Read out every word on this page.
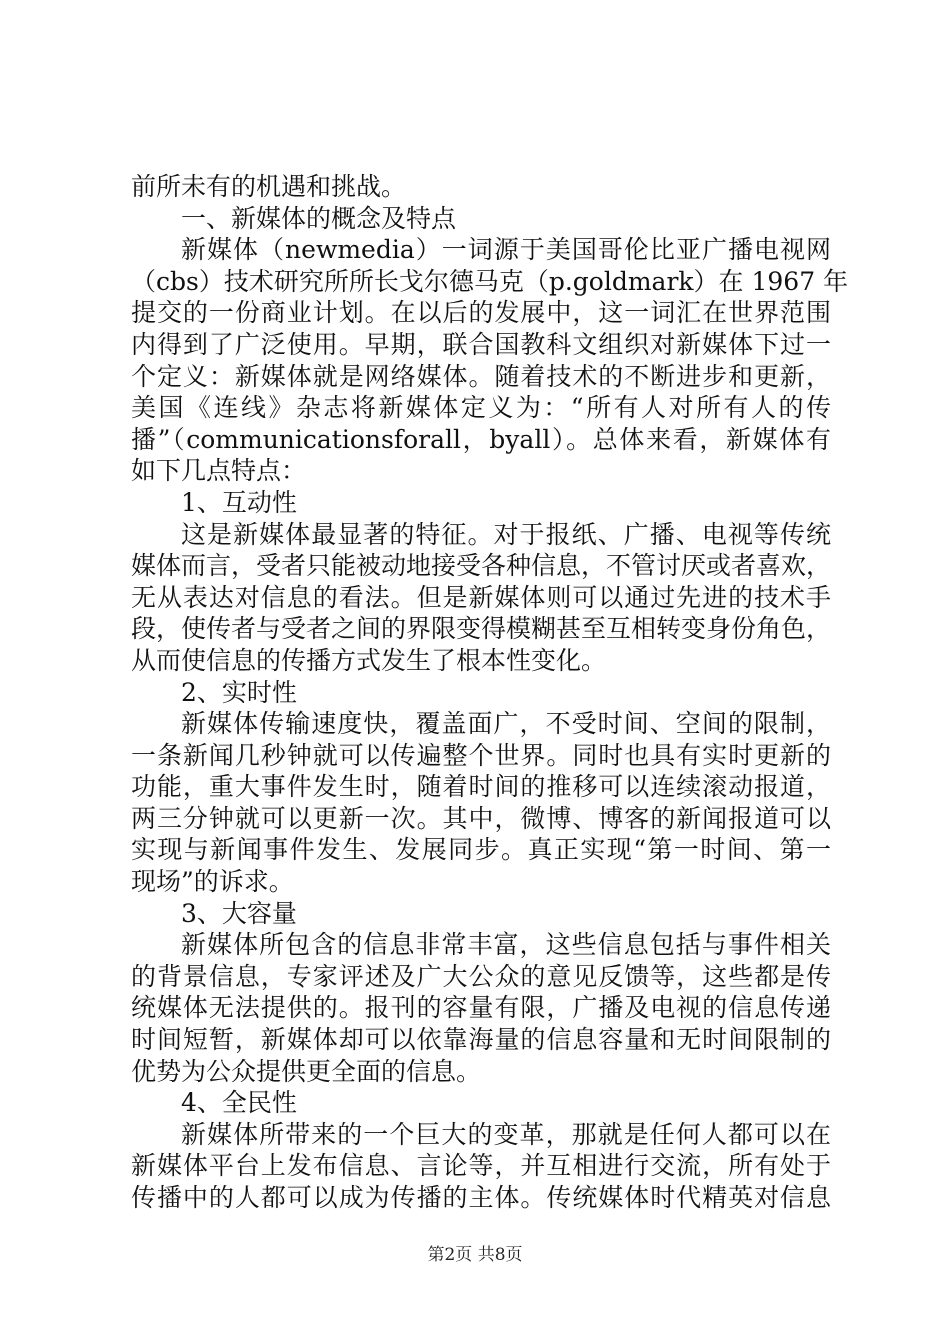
前所未有的机遇和挑战。
一、新媒体的概念及特点
新媒体（newmedia）一词源于美国哥伦比亚广播电视网
（cbs）技术研究所所长戈尔德马克（p.goldmark）在 1967 年
提交的一份商业计划。在以后的发展中，这一词汇在世界范围
内得到了广泛使用。早期，联合国教科文组织对新媒体下过一
个定义：新媒体就是网络媒体。随着技术的不断进步和更新，
美国《连线》杂志将新媒体定义为：“所有人对所有人的传
播”（communicationsforall，byall）。总体来看，新媒体有
如下几点特点：
1、互动性
这是新媒体最显著的特征。对于报纸、广播、电视等传统
媒体而言，受者只能被动地接受各种信息，不管讨厌或者喜欢，
无从表达对信息的看法。但是新媒体则可以通过先进的技术手
段，使传者与受者之间的界限变得模糊甚至互相转变身份角色，
从而使信息的传播方式发生了根本性变化。
2、实时性
新媒体传输速度快，覆盖面广，不受时间、空间的限制，
一条新闻几秒钟就可以传遍整个世界。同时也具有实时更新的
功能，重大事件发生时，随着时间的推移可以连续滚动报道，
两三分钟就可以更新一次。其中，微博、博客的新闻报道可以
实现与新闻事件发生、发展同步。真正实现“第一时间、第一
现场”的诉求。
3、大容量
新媒体所包含的信息非常丰富，这些信息包括与事件相关
的背景信息，专家评述及广大公众的意见反馈等，这些都是传
统媒体无法提供的。报刊的容量有限，广播及电视的信息传递
时间短暂，新媒体却可以依靠海量的信息容量和无时间限制的
优势为公众提供更全面的信息。
4、全民性
新媒体所带来的一个巨大的变革，那就是任何人都可以在
新媒体平台上发布信息、言论等，并互相进行交流，所有处于
传播中的人都可以成为传播的主体。传统媒体时代精英对信息
第2页 共8页
